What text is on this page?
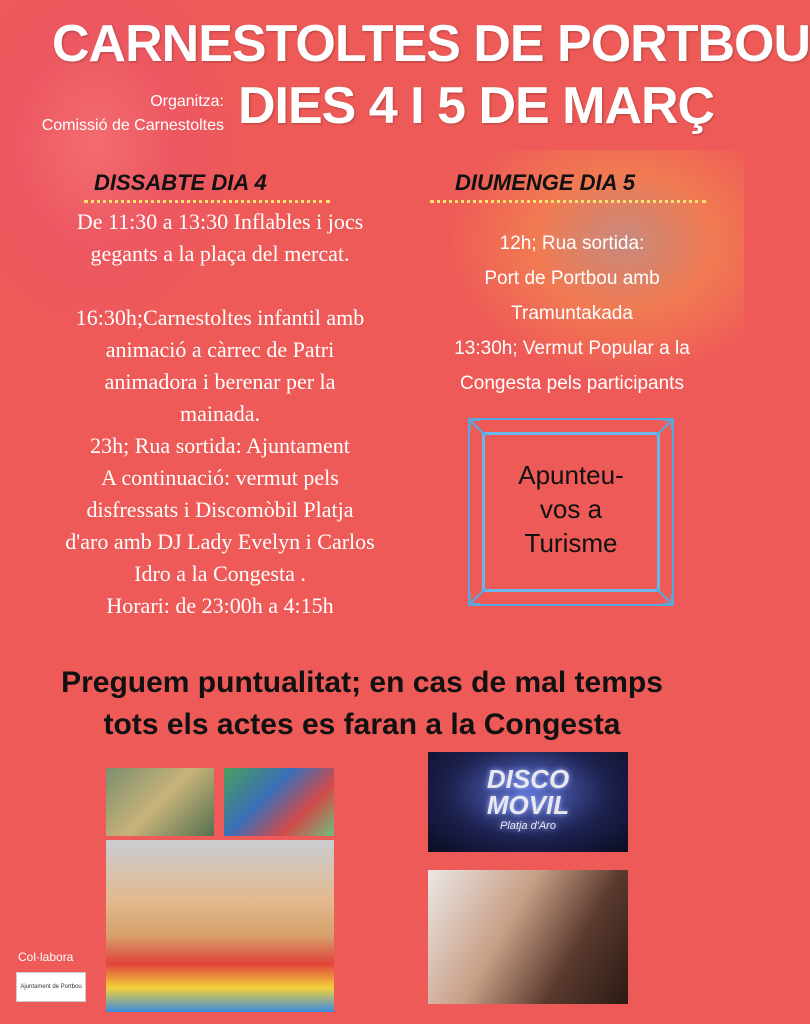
CARNESTOLTES DE PORTBOU
Organitza:
Comissió de Carnestoltes DIES 4 I 5 DE MARÇ
DISSABTE DIA 4	DIUMENGE DIA 5

De 11:30 a 13:30 Inflables i jocs

gegants a la plaça del mercat.

16:30h;Carnestoltes infantil amb

animació a càrrec de Patri

animadora i berenar per la

mainada.

23h; Rua sortida: Ajuntament

A continuació: vermut pels

disfressats i Discomòbil Platja

d'aro amb DJ Lady Evelyn i Carlos

Idro a la Congesta .

Horari: de 23:00h a 4:15h

12h; Rua sortida:

Port de Portbou amb

Tramuntakada

13:30h; Vermut Popular a la

Congesta pels participants

Apunteu-
vos a
Turisme
Preguem puntualitat; en cas de mal temps
tots els actes es faran a la Congesta
DISCO
MOVIL
Platja d'Aro
Col·labora
Ajuntament de Portbou
